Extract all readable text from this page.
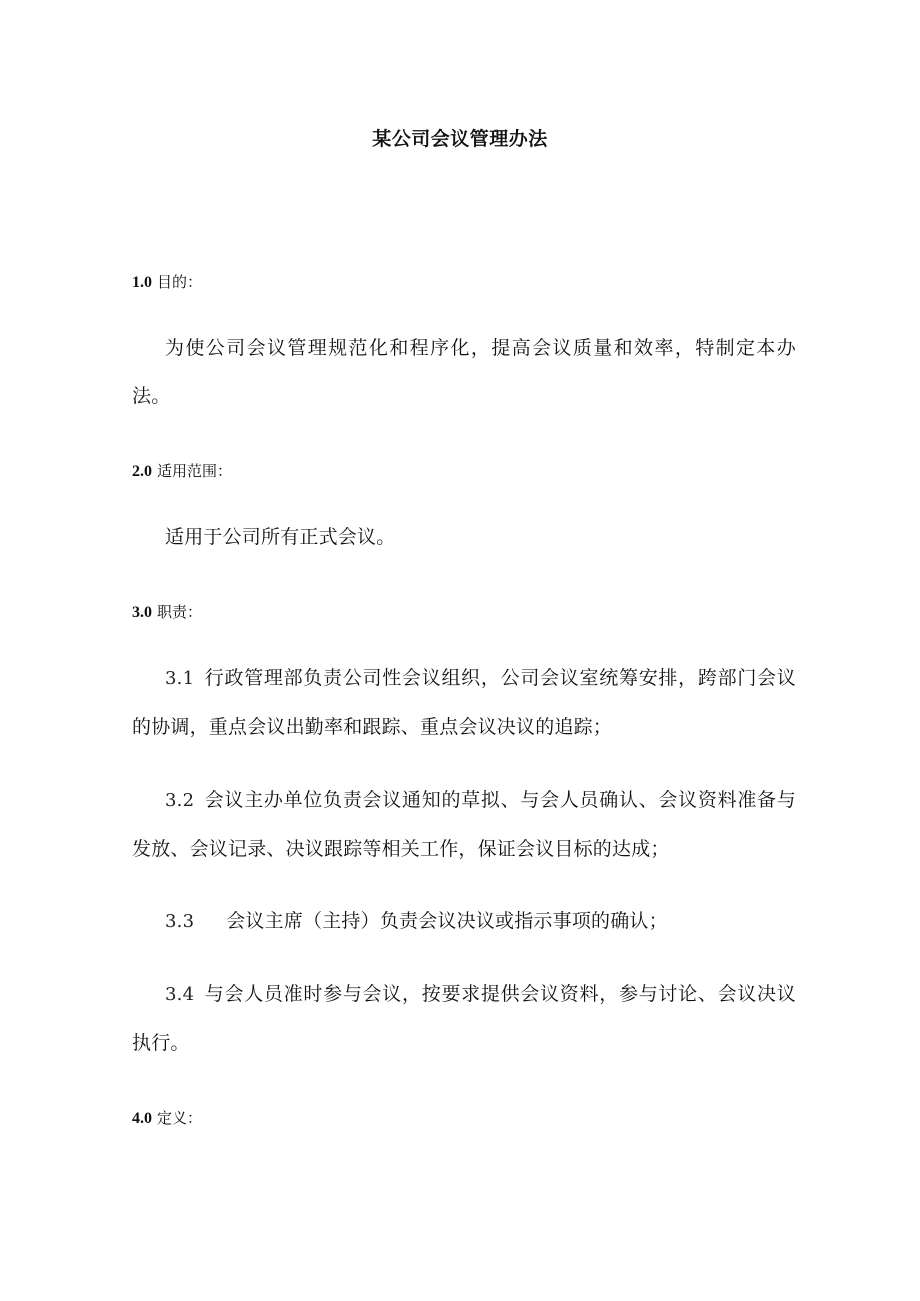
某公司会议管理办法
1.0 目的：
为使公司会议管理规范化和程序化，提高会议质量和效率，特制定本办法。
2.0 适用范围：
适用于公司所有正式会议。
3.0 职责：
3.1 行政管理部负责公司性会议组织，公司会议室统筹安排，跨部门会议的协调，重点会议出勤率和跟踪、重点会议决议的追踪；
3.2 会议主办单位负责会议通知的草拟、与会人员确认、会议资料准备与发放、会议记录、决议跟踪等相关工作，保证会议目标的达成；
3.3 会议主席（主持）负责会议决议或指示事项的确认；
3.4 与会人员准时参与会议，按要求提供会议资料，参与讨论、会议决议执行。
4.0 定义：
